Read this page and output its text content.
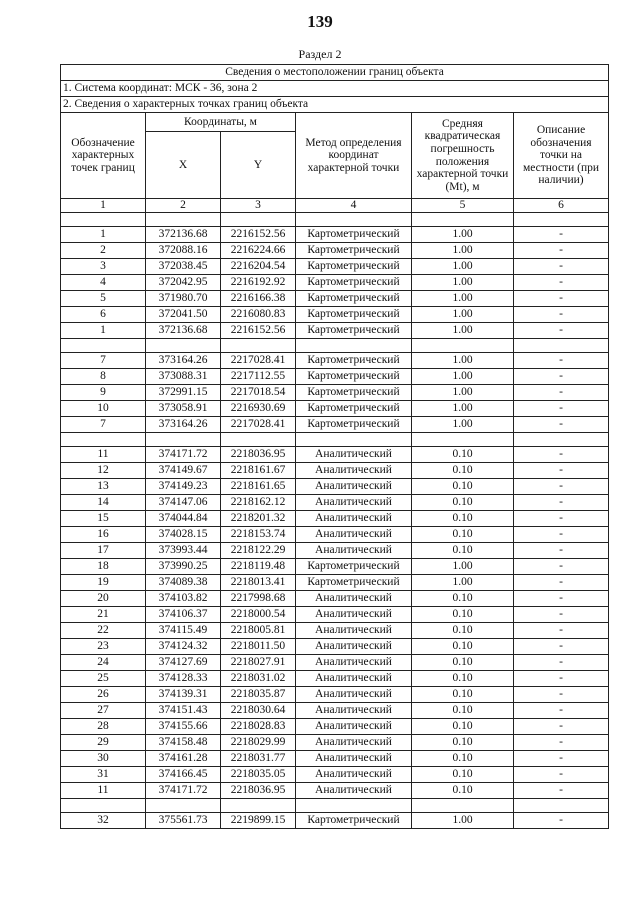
139
Раздел 2
Сведения о местоположении границ объекта					
1. Система координат: МСК - 36, зона 2					
2. Сведения о характерных точках границ объекта					
Обозначение характерных точек границ	Координаты, м		Метод определения координат характерной точки	Средняя квадратическая погрешность положения характерной точки (Mt), м	Описание обозначения точки на местности (при наличии)
	X	Y			
1	2	3	4	5	6

1	372136.68	2216152.56	Картометрический	1.00	-
2	372088.16	2216224.66	Картометрический	1.00	-
3	372038.45	2216204.54	Картометрический	1.00	-
4	372042.95	2216192.92	Картометрический	1.00	-
5	371980.70	2216166.38	Картометрический	1.00	-
6	372041.50	2216080.83	Картометрический	1.00	-
1	372136.68	2216152.56	Картометрический	1.00	-

7	373164.26	2217028.41	Картометрический	1.00	-
8	373088.31	2217112.55	Картометрический	1.00	-
9	372991.15	2217018.54	Картометрический	1.00	-
10	373058.91	2216930.69	Картометрический	1.00	-
7	373164.26	2217028.41	Картометрический	1.00	-

11	374171.72	2218036.95	Аналитический	0.10	-
12	374149.67	2218161.67	Аналитический	0.10	-
13	374149.23	2218161.65	Аналитический	0.10	-
14	374147.06	2218162.12	Аналитический	0.10	-
15	374044.84	2218201.32	Аналитический	0.10	-
16	374028.15	2218153.74	Аналитический	0.10	-
17	373993.44	2218122.29	Аналитический	0.10	-
18	373990.25	2218119.48	Картометрический	1.00	-
19	374089.38	2218013.41	Картометрический	1.00	-
20	374103.82	2217998.68	Аналитический	0.10	-
21	374106.37	2218000.54	Аналитический	0.10	-
22	374115.49	2218005.81	Аналитический	0.10	-
23	374124.32	2218011.50	Аналитический	0.10	-
24	374127.69	2218027.91	Аналитический	0.10	-
25	374128.33	2218031.02	Аналитический	0.10	-
26	374139.31	2218035.87	Аналитический	0.10	-
27	374151.43	2218030.64	Аналитический	0.10	-
28	374155.66	2218028.83	Аналитический	0.10	-
29	374158.48	2218029.99	Аналитический	0.10	-
30	374161.28	2218031.77	Аналитический	0.10	-
31	374166.45	2218035.05	Аналитический	0.10	-
11	374171.72	2218036.95	Аналитический	0.10	-

32	375561.73	2219899.15	Картометрический	1.00	-
